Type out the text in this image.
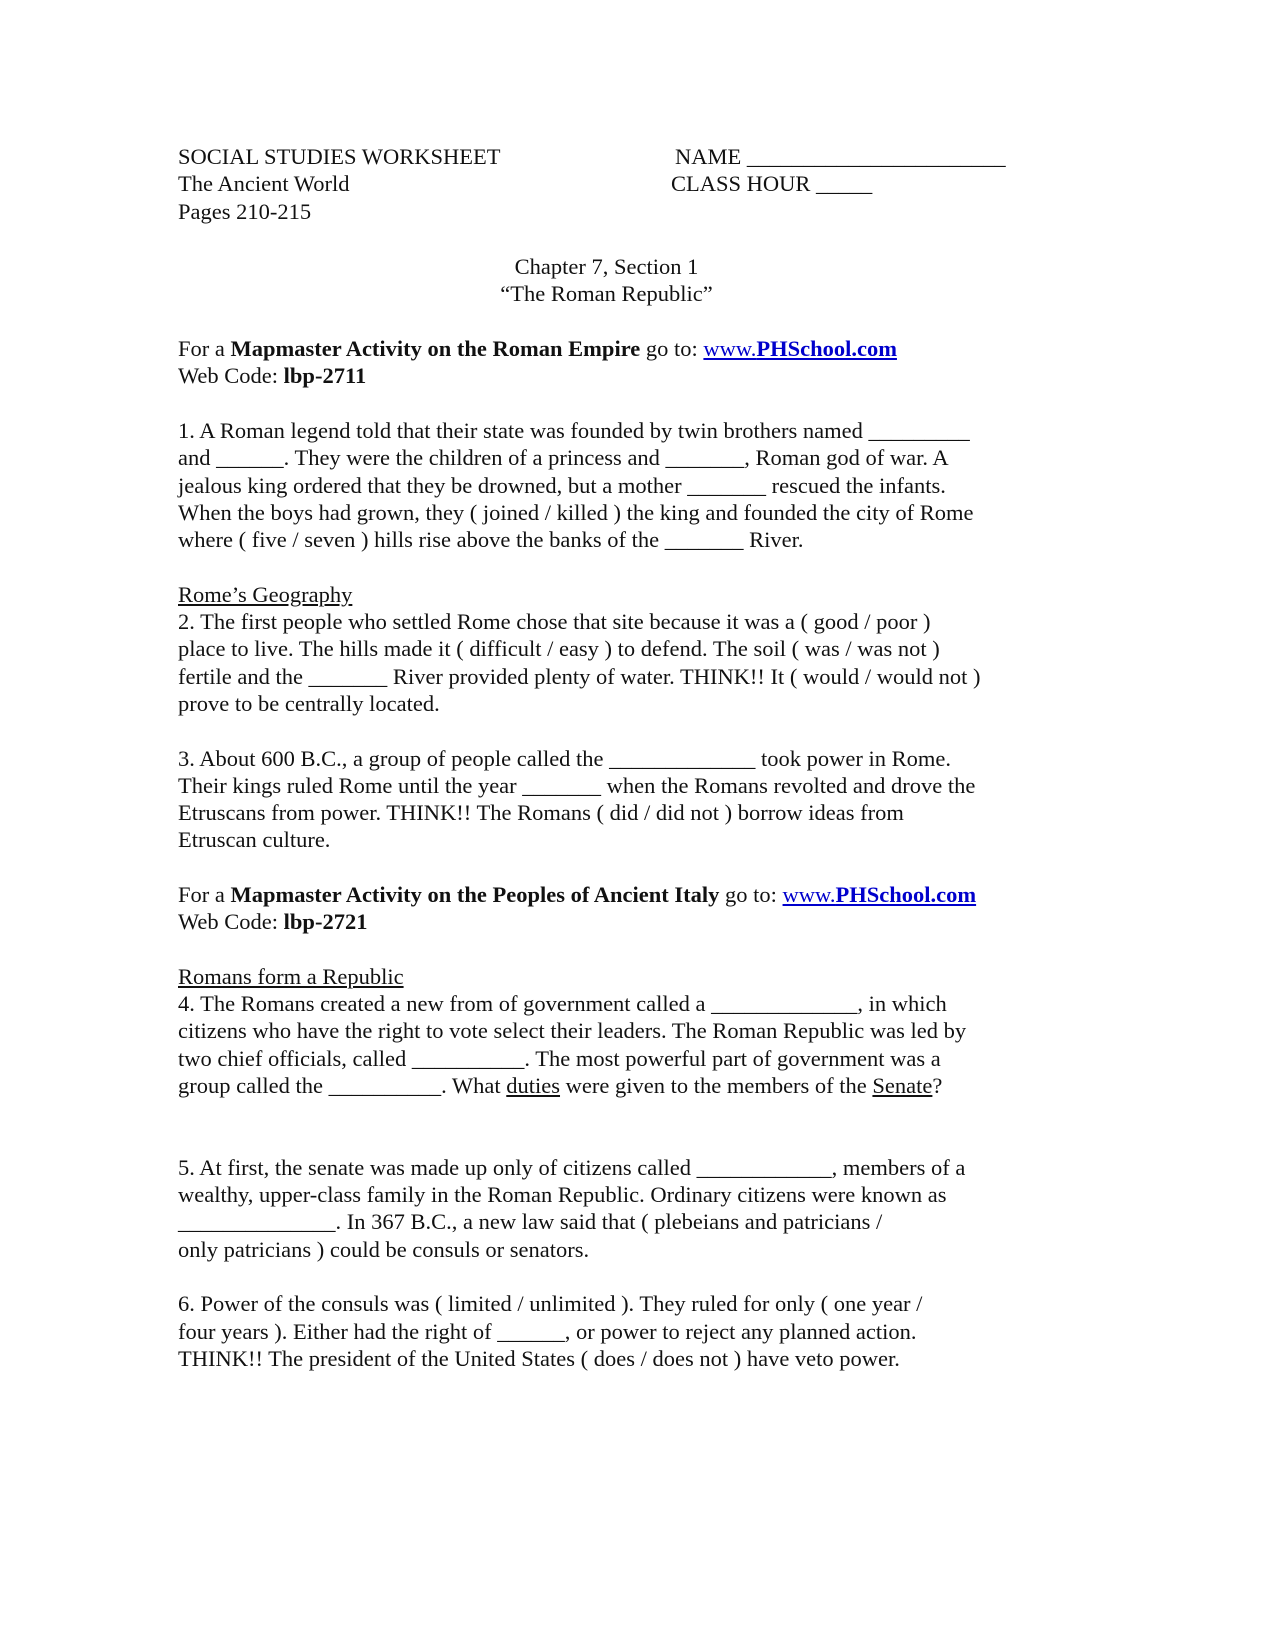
SOCIAL STUDIES WORKSHEET
The Ancient World
Pages 210-215
NAME _______________________
CLASS HOUR _____
Chapter 7, Section 1
“The Roman Republic”
For a Mapmaster Activity on the Roman Empire go to: www.PHSchool.com
Web Code: lbp-2711
1. A Roman legend told that their state was founded by twin brothers named _________
and ______. They were the children of a princess and _______, Roman god of war. A
jealous king ordered that they be drowned, but a mother _______ rescued the infants.
When the boys had grown, they ( joined / killed ) the king and founded the city of Rome
where ( five / seven ) hills rise above the banks of the _______ River.
Rome’s Geography
2. The first people who settled Rome chose that site because it was a ( good / poor )
place to live. The hills made it ( difficult / easy ) to defend. The soil ( was / was not )
fertile and the _______ River provided plenty of water. THINK!! It ( would / would not )
prove to be centrally located.
3. About 600 B.C., a group of people called the _____________ took power in Rome.
Their kings ruled Rome until the year _______ when the Romans revolted and drove the
Etruscans from power. THINK!! The Romans ( did / did not ) borrow ideas from
Etruscan culture.
For a Mapmaster Activity on the Peoples of Ancient Italy go to: www.PHSchool.com
Web Code: lbp-2721
Romans form a Republic
4. The Romans created a new from of government called a _____________, in which
citizens who have the right to vote select their leaders. The Roman Republic was led by
two chief officials, called __________. The most powerful part of government was a
group called the __________. What duties were given to the members of the Senate?
5. At first, the senate was made up only of citizens called ____________, members of a
wealthy, upper-class family in the Roman Republic. Ordinary citizens were known as
______________. In 367 B.C., a new law said that ( plebeians and patricians /
only patricians ) could be consuls or senators.
6. Power of the consuls was ( limited / unlimited ). They ruled for only ( one year /
four years ). Either had the right of ______, or power to reject any planned action.
THINK!! The president of the United States ( does / does not ) have veto power.
